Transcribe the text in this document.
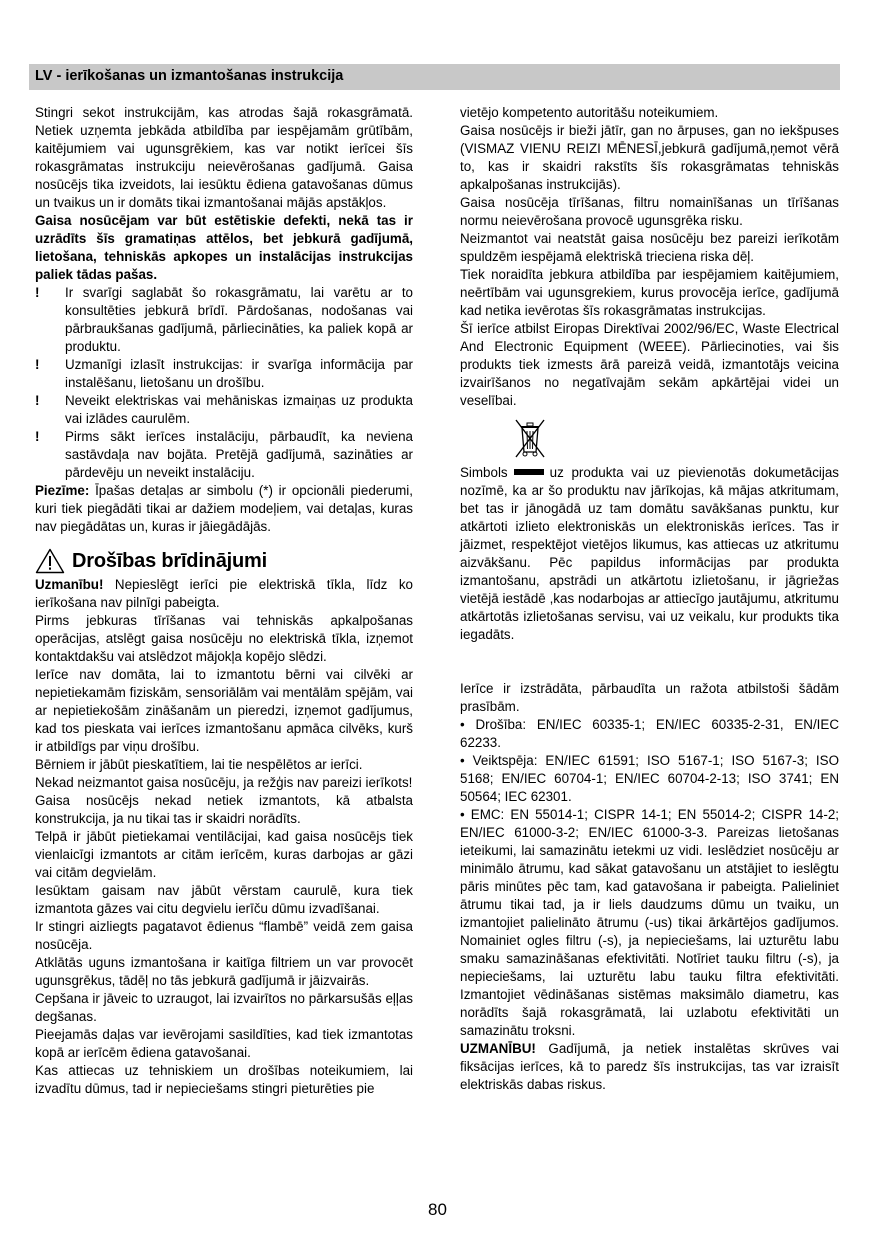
LV - ierīkošanas un izmantošanas instrukcija

Stingri sekot instrukcijām, kas atrodas šajā rokasgrāmatā. Netiek uzņemta jebkāda atbildība par iespējamām grūtībām, kaitējumiem vai ugunsgrēkiem, kas var notikt ierīcei šīs rokasgrāmatas instrukciju neievērošanas gadījumā. Gaisa nosūcējs tika izveidots, lai iesūktu ēdiena gatavošanas dūmus un tvaikus un ir domāts tikai izmantošanai mājās apstākļos.

Gaisa nosūcējam var būt estētiskie defekti, nekā tas ir uzrādīts šīs gramatiņas attēlos, bet jebkurā gadījumā, lietošana, tehniskās apkopes un instalācijas instrukcijas paliek tādas pašas.

! Ir svarīgi saglabāt šo rokasgrāmatu, lai varētu ar to konsultēties jebkurā brīdī. Pārdošanas, nodošanas vai pārbraukšanas gadījumā, pārliecināties, ka paliek kopā ar produktu.
! Uzmanīgi izlasīt instrukcijas: ir svarīga informācija par instalēšanu, lietošanu un drošību.
! Neveikt elektriskas vai mehāniskas izmaiņas uz produkta vai izlādes caurulēm.
! Pirms sākt ierīces instalāciju, pārbaudīt, ka neviena sastāvdaļa nav bojāta. Pretējā gadījumā, sazināties ar pārdevēju un neveikt instalāciju.

Piezīme: Īpašas detaļas ar simbolu (*) ir opcionāli piederumi, kuri tiek piegādāti tikai ar dažiem modeļiem, vai detaļas, kuras nav piegādātas un, kuras ir jāiegādājās.

Drošības brīdinājumi

Uzmanību! Nepieslēgt ierīci pie elektriskā tīkla, līdz ko ierīkošana nav pilnīgi pabeigta.

Pirms jebkuras tīrīšanas vai tehniskās apkalpošanas operācijas, atslēgt gaisa nosūcēju no elektriskā tīkla, izņemot kontaktdakšu vai atslēdzot mājokļa kopējo slēdzi.

Ierīce nav domāta, lai to izmantotu bērni vai cilvēki ar nepietiekamām fiziskām, sensoriālām vai mentālām spējām, vai ar nepietiekošām zināšanām un pieredzi, izņemot gadījumus, kad tos pieskata vai ierīces izmantošanu apmāca cilvēks, kurš ir atbildīgs par viņu drošību.

Bērniem ir jābūt pieskatītiem, lai tie nespēlētos ar ierīci.

Nekad neizmantot gaisa nosūcēju, ja režģis nav pareizi ierīkots!

Gaisa nosūcējs nekad netiek izmantots, kā atbalsta konstrukcija, ja nu tikai tas ir skaidri norādīts.

Telpā ir jābūt pietiekamai ventilācijai, kad gaisa nosūcējs tiek vienlaicīgi izmantots ar citām ierīcēm, kuras darbojas ar gāzi vai citām degvielām.

Iesūktam gaisam nav jābūt vērstam caurulē, kura tiek izmantota gāzes vai citu degvielu ierīču dūmu izvadīšanai.

Ir stingri aizliegts pagatavot ēdienus “flambē” veidā zem gaisa nosūcēja.

Atklātās uguns izmantošana ir kaitīga filtriem un var provocēt ugunsgrēkus, tādēļ no tās jebkurā gadījumā ir jāizvairās.

Cepšana ir jāveic to uzraugot, lai izvairītos no pārkarsušās eļļas degšanas.

Pieejamās daļas var ievērojami sasildīties, kad tiek izmantotas kopā ar ierīcēm ēdiena gatavošanai.

Kas attiecas uz tehniskiem un drošības noteikumiem, lai izvadītu dūmus, tad ir nepieciešams stingri pieturēties pie

vietējo kompetento autoritāšu noteikumiem.

Gaisa nosūcējs ir bieži jātīr, gan no ārpuses, gan no iekšpuses (VISMAZ VIENU REIZI MĒNESĪ,jebkurā gadījumā,ņemot vērā to, kas ir skaidri rakstīts šīs rokasgrāmatas tehniskās apkalpošanas instrukcijās).

Gaisa nosūcēja tīrīšanas, filtru nomainīšanas un tīrīšanas normu neievērošana provocē ugunsgrēka risku.

Neizmantot vai neatstāt gaisa nosūcēju bez pareizi ierīkotām spuldzēm iespējamā elektriskā trieciena riska dēļ.

Tiek noraidīta jebkura atbildība par iespējamiem kaitējumiem, neērtībām vai ugunsgrekiem, kurus provocēja ierīce, gadījumā kad netika ievērotas šīs rokasgrāmatas instrukcijas.

Šī ierīce atbilst Eiropas Direktīvai 2002/96/EC, Waste Electrical And Electronic Equipment (WEEE). Pārliecinoties, vai šis produkts tiek izmests ārā pareizā veidā, izmantotājs veicina izvairīšanos no negatīvajām sekām apkārtējai videi un veselībai.

Simbols	uz produkta vai uz pievienotās dokumetācijas nozīmē, ka ar šo produktu nav jārīkojas, kā mājas atkritumam, bet tas ir jānogādā uz tam domātu savākšanas punktu, kur atkārtoti izlieto elektroniskās un elektroniskās ierīces. Tas ir jāizmet, respektējot vietējos likumus, kas attiecas uz atkritumu aizvākšanu. Pēc papildus informācijas par produkta izmantošanu, apstrādi un atkārtotu izlietošanu, ir jāgriežas vietējā iestādē ,kas nodarbojas ar attiecīgo jautājumu, atkritumu atkārtotās izlietošanas servisu, vai uz veikalu, kur produkts tika iegadāts.

Ierīce ir izstrādāta, pārbaudīta un ražota atbilstoši šādām prasībām.

• Drošība: EN/IEC 60335-1; EN/IEC 60335-2-31, EN/IEC 62233.

• Veiktspēja: EN/IEC 61591; ISO 5167-1; ISO 5167-3; ISO 5168; EN/IEC 60704-1; EN/IEC 60704-2-13; ISO 3741; EN 50564; IEC 62301.

• EMC: EN 55014-1; CISPR 14-1; EN 55014-2; CISPR 14-2; EN/IEC 61000-3-2; EN/IEC 61000-3-3. Pareizas lietošanas ieteikumi, lai samazinātu ietekmi uz vidi. Ieslēdziet nosūcēju ar minimālo ātrumu, kad sākat gatavošanu un atstājiet to ieslēgtu pāris minūtes pēc tam, kad gatavošana ir pabeigta. Palieliniet ātrumu tikai tad, ja ir liels daudzums dūmu un tvaiku, un izmantojiet palielināto ātrumu (-us) tikai ārkārtējos gadījumos. Nomainiet ogles filtru (-s), ja nepieciešams, lai uzturētu labu smaku samazināšanas efektivitāti. Notīriet tauku filtru (-s), ja nepieciešams, lai uzturētu labu tauku filtra efektivitāti. Izmantojiet vēdināšanas sistēmas maksimālo diametru, kas norādīts šajā rokasgrāmatā, lai uzlabotu efektivitāti un samazinātu troksni.

UZMANĪBU! Gadījumā, ja netiek instalētas skrūves vai fiksācijas ierīces, kā to paredz šīs instrukcijas, tas var izraisīt elektriskās dabas riskus.

80
